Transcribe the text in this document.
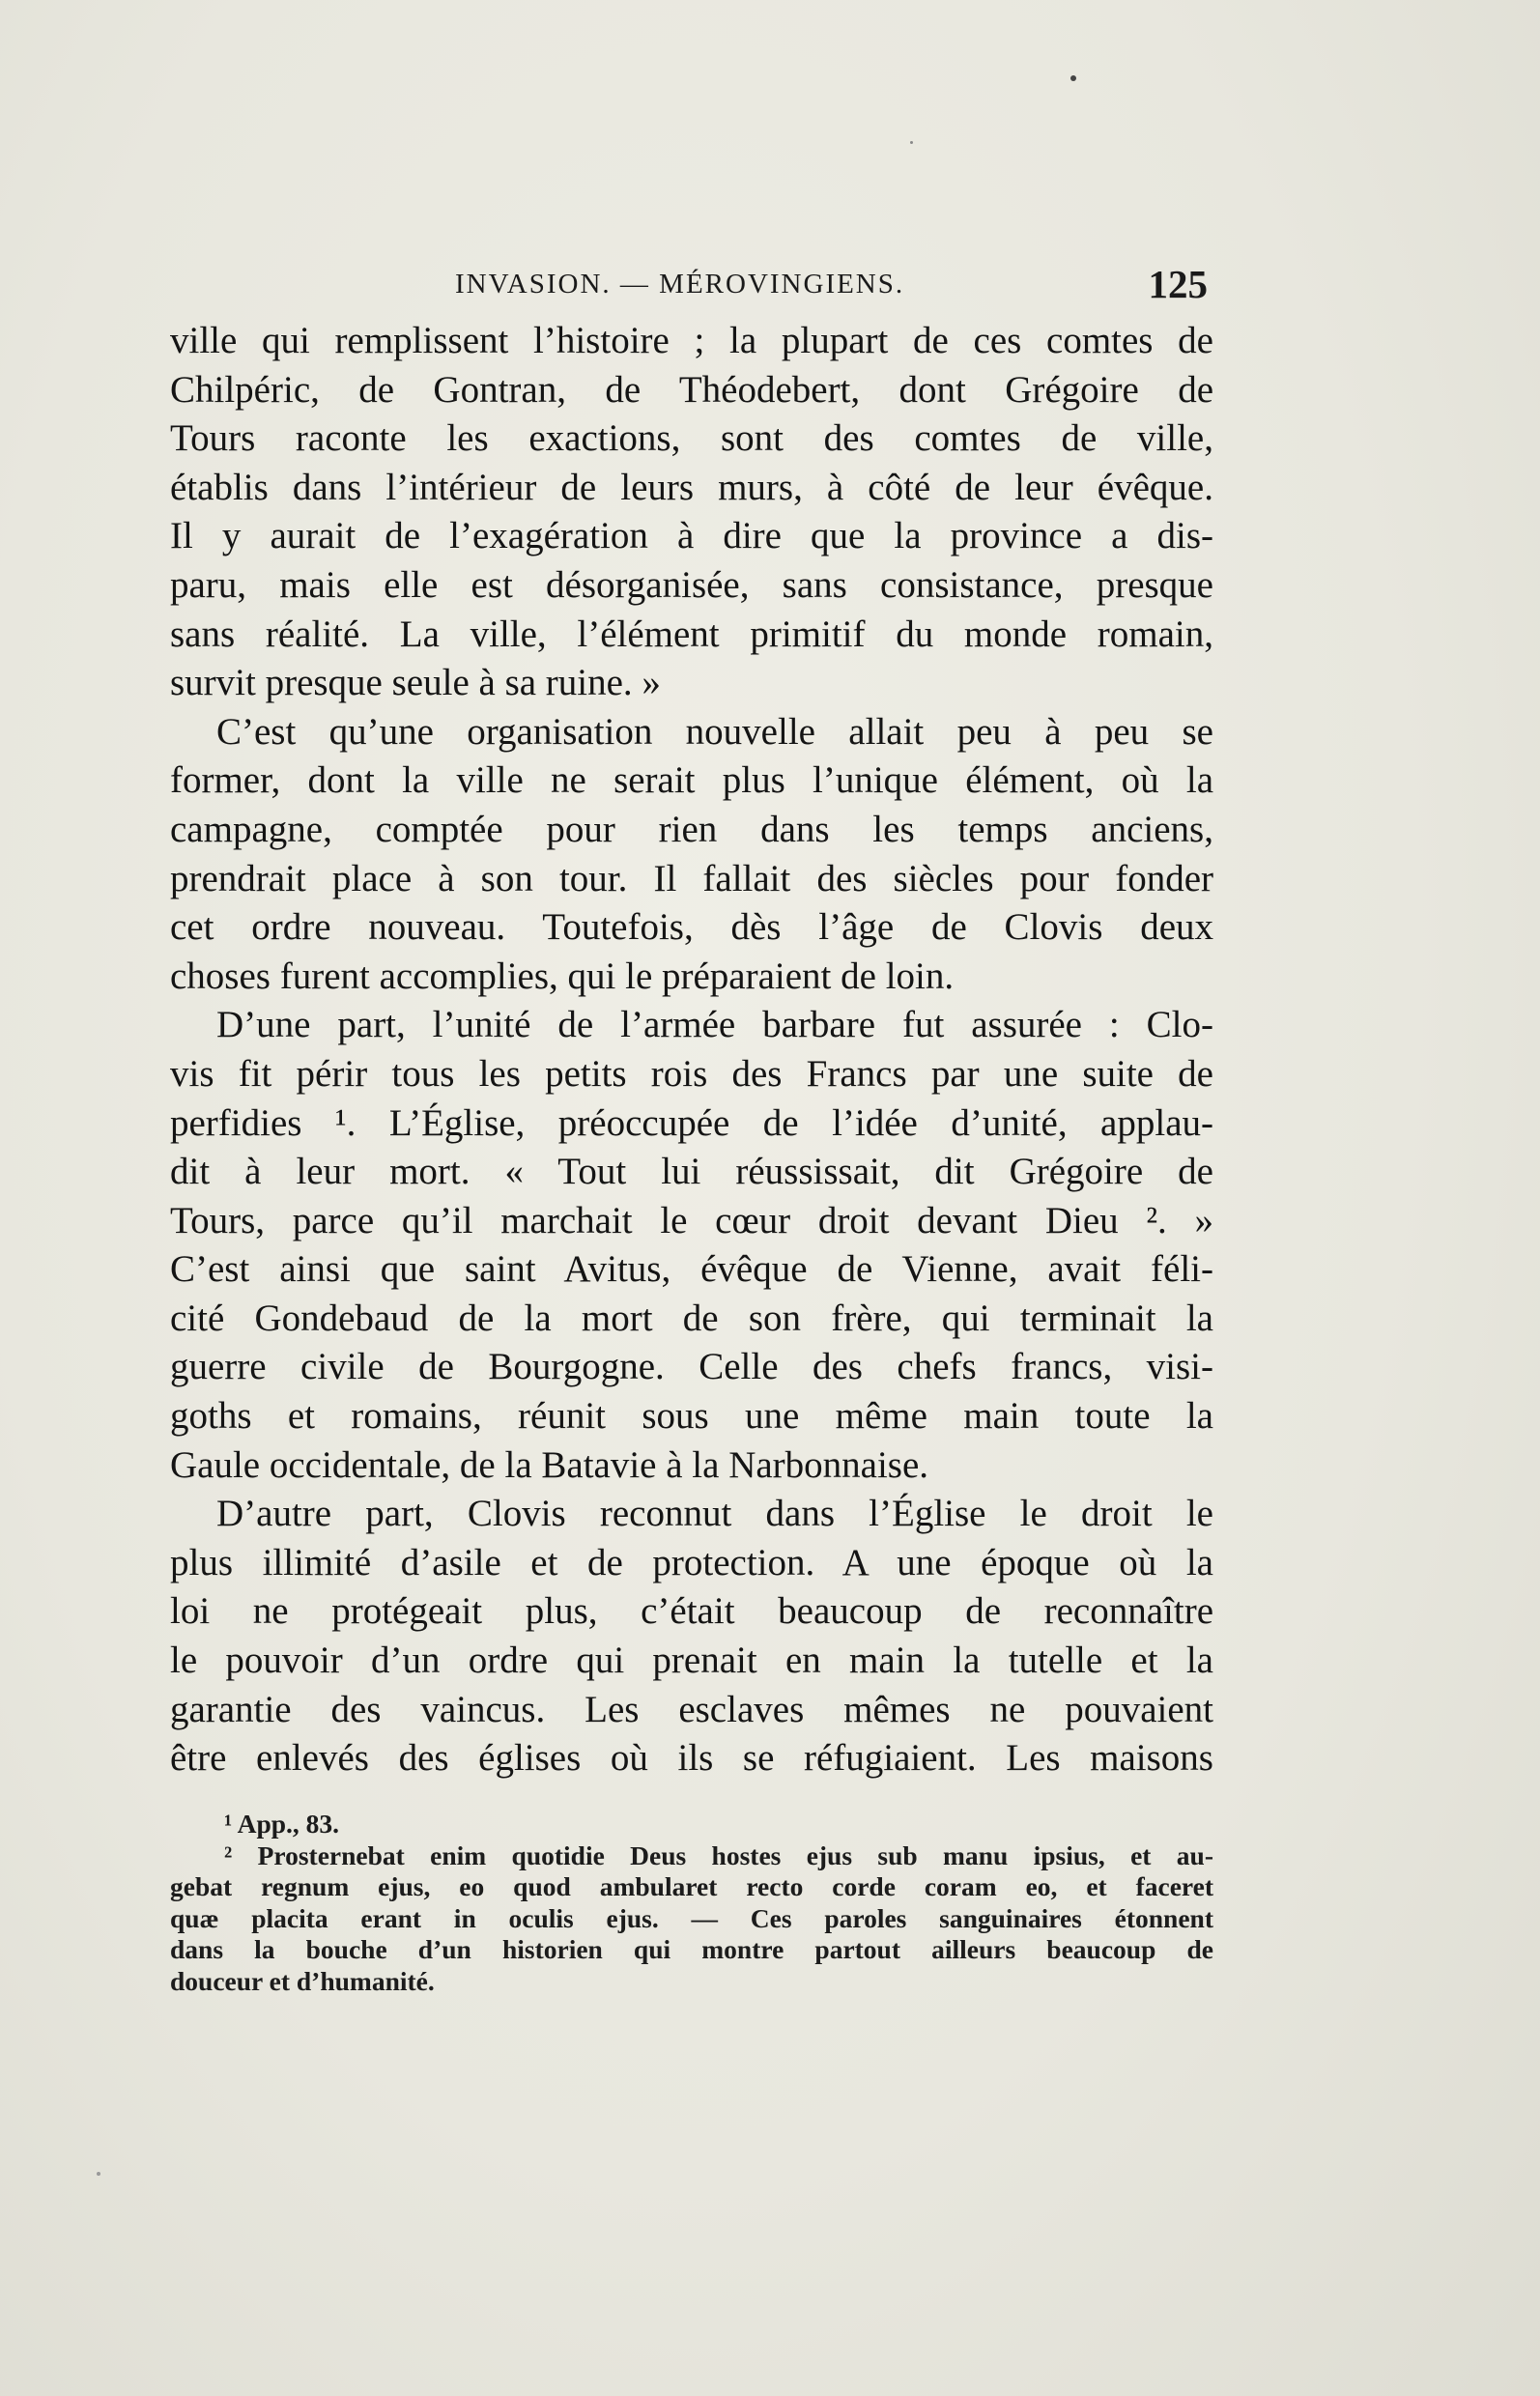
INVASION. — MÉROVINGIENS.	125
ville qui remplissent l’histoire ; la plupart de ces comtes de
Chilpéric, de Gontran, de Théodebert, dont Grégoire de
Tours raconte les exactions, sont des comtes de ville,
établis dans l’intérieur de leurs murs, à côté de leur évêque.
Il y aurait de l’exagération à dire que la province a dis-
paru, mais elle est désorganisée, sans consistance, presque
sans réalité. La ville, l’élément primitif du monde romain,
survit presque seule à sa ruine. »
C’est qu’une organisation nouvelle allait peu à peu se
former, dont la ville ne serait plus l’unique élément, où la
campagne, comptée pour rien dans les temps anciens,
prendrait place à son tour. Il fallait des siècles pour fonder
cet ordre nouveau. Toutefois, dès l’âge de Clovis deux
choses furent accomplies, qui le préparaient de loin.
D’une part, l’unité de l’armée barbare fut assurée : Clo-
vis fit périr tous les petits rois des Francs par une suite de
perfidies ¹. L’Église, préoccupée de l’idée d’unité, applau-
dit à leur mort. « Tout lui réussissait, dit Grégoire de
Tours, parce qu’il marchait le cœur droit devant Dieu ². »
C’est ainsi que saint Avitus, évêque de Vienne, avait féli-
cité Gondebaud de la mort de son frère, qui terminait la
guerre civile de Bourgogne. Celle des chefs francs, visi-
goths et romains, réunit sous une même main toute la
Gaule occidentale, de la Batavie à la Narbonnaise.
D’autre part, Clovis reconnut dans l’Église le droit le
plus illimité d’asile et de protection. A une époque où la
loi ne protégeait plus, c’était beaucoup de reconnaître
le pouvoir d’un ordre qui prenait en main la tutelle et la
garantie des vaincus. Les esclaves mêmes ne pouvaient
être enlevés des églises où ils se réfugiaient. Les maisons
¹ App., 83.
² Prosternebat enim quotidie Deus hostes ejus sub manu ipsius, et au-
gebat regnum ejus, eo quod ambularet recto corde coram eo, et faceret
quæ placita erant in oculis ejus. — Ces paroles sanguinaires étonnent
dans la bouche d’un historien qui montre partout ailleurs beaucoup de
douceur et d’humanité.
